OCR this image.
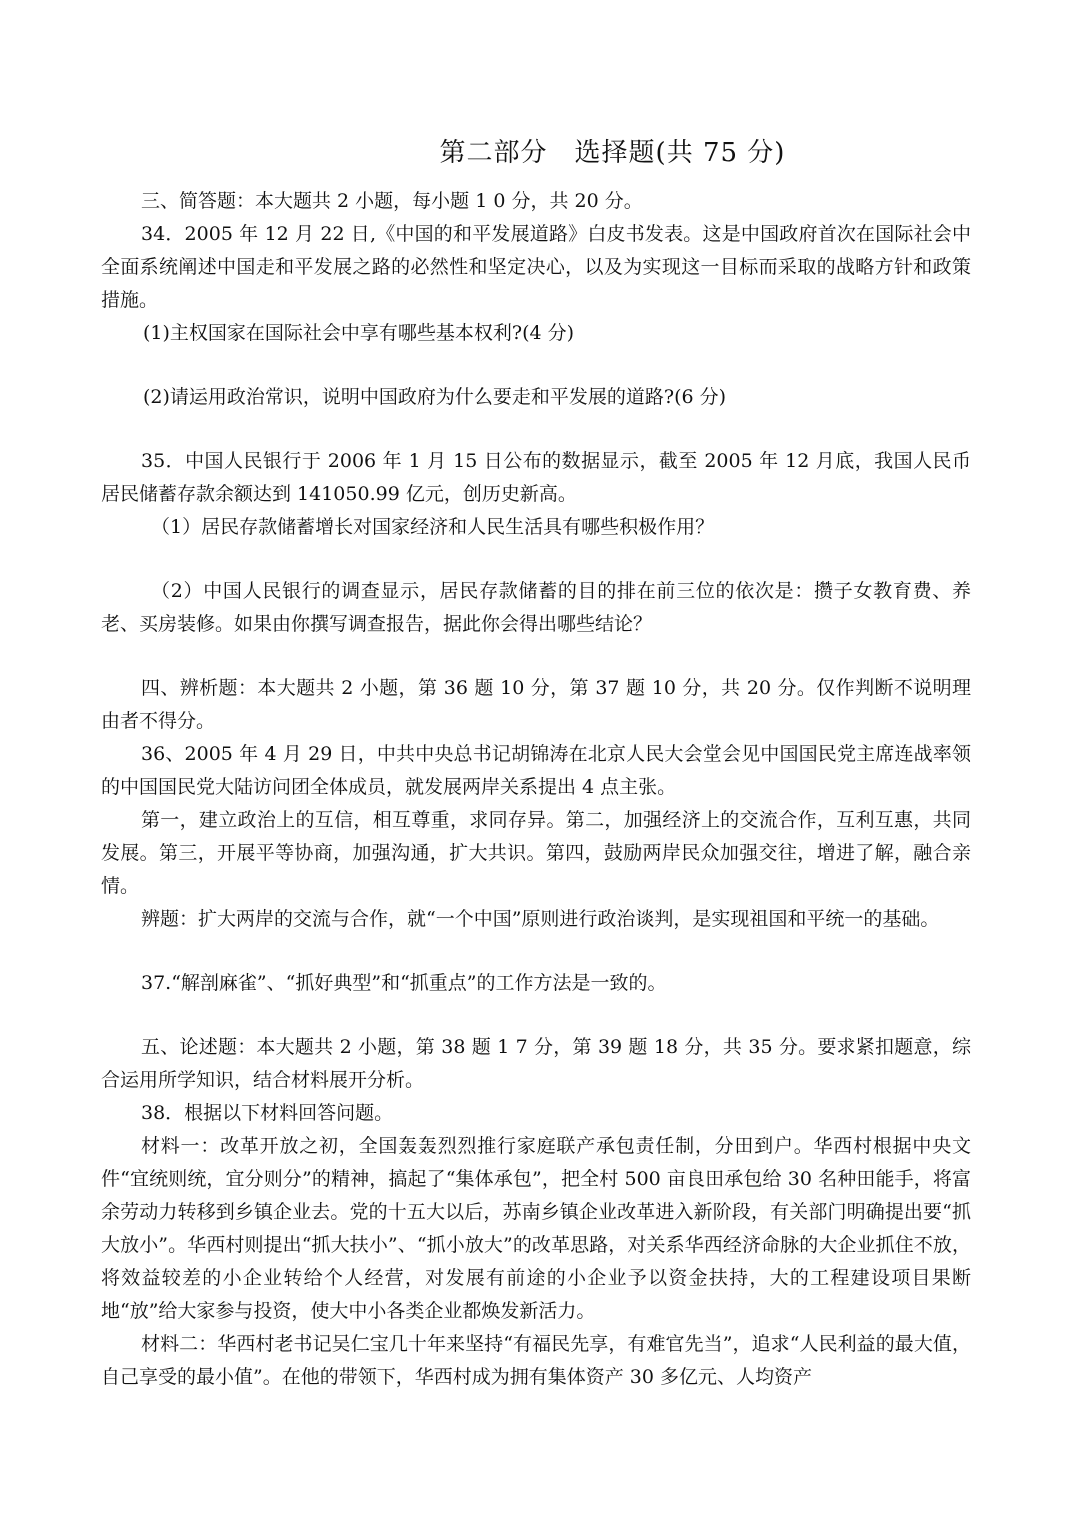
第二部分　选择题(共 75 分)

三、简答题：本大题共 2 小题，每小题 1 0 分，共 20 分。

34．2005 年 12 月 22 日,《中国的和平发展道路》白皮书发表。这是中国政府首次在国际社会中全面系统阐述中国走和平发展之路的必然性和坚定决心，以及为实现这一目标而采取的战略方针和政策措施。

(1)主权国家在国际社会中享有哪些基本权利?(4 分)

(2)请运用政治常识，说明中国政府为什么要走和平发展的道路?(6 分)

35．中国人民银行于 2006 年 1 月 15 日公布的数据显示，截至 2005 年 12 月底，我国人民币居民储蓄存款余额达到 141050.99 亿元，创历史新高。

（1）居民存款储蓄增长对国家经济和人民生活具有哪些积极作用？

（2）中国人民银行的调查显示，居民存款储蓄的目的排在前三位的依次是：攒子女教育费、养老、买房装修。如果由你撰写调查报告，据此你会得出哪些结论？

四、辨析题：本大题共 2 小题，第 36 题 10 分，第 37 题 10 分，共 20 分。仅作判断不说明理由者不得分。

36、2005 年 4 月 29 日，中共中央总书记胡锦涛在北京人民大会堂会见中国国民党主席连战率领的中国国民党大陆访问团全体成员，就发展两岸关系提出 4 点主张。

第一，建立政治上的互信，相互尊重，求同存异。第二，加强经济上的交流合作，互利互惠，共同发展。第三，开展平等协商，加强沟通，扩大共识。第四，鼓励两岸民众加强交往，增进了解，融合亲情。

辨题：扩大两岸的交流与合作，就“一个中国”原则进行政治谈判，是实现祖国和平统一的基础。

37.“解剖麻雀”、“抓好典型”和“抓重点”的工作方法是一致的。

五、论述题：本大题共 2 小题，第 38 题 1 7 分，第 39 题 18 分，共 35 分。要求紧扣题意，综合运用所学知识，结合材料展开分析。

38．根据以下材料回答问题。

材料一：改革开放之初，全国轰轰烈烈推行家庭联产承包责任制，分田到户。华西村根据中央文件“宜统则统，宜分则分”的精神，搞起了“集体承包”，把全村 500 亩良田承包给 30 名种田能手，将富余劳动力转移到乡镇企业去。党的十五大以后，苏南乡镇企业改革进入新阶段，有关部门明确提出要“抓大放小”。华西村则提出“抓大扶小”、“抓小放大”的改革思路，对关系华西经济命脉的大企业抓住不放，将效益较差的小企业转给个人经营，对发展有前途的小企业予以资金扶持，大的工程建设项目果断地“放”给大家参与投资，使大中小各类企业都焕发新活力。

材料二：华西村老书记吴仁宝几十年来坚持“有福民先享，有难官先当”，追求“人民利益的最大值，自己享受的最小值”。在他的带领下，华西村成为拥有集体资产 30 多亿元、人均资产
